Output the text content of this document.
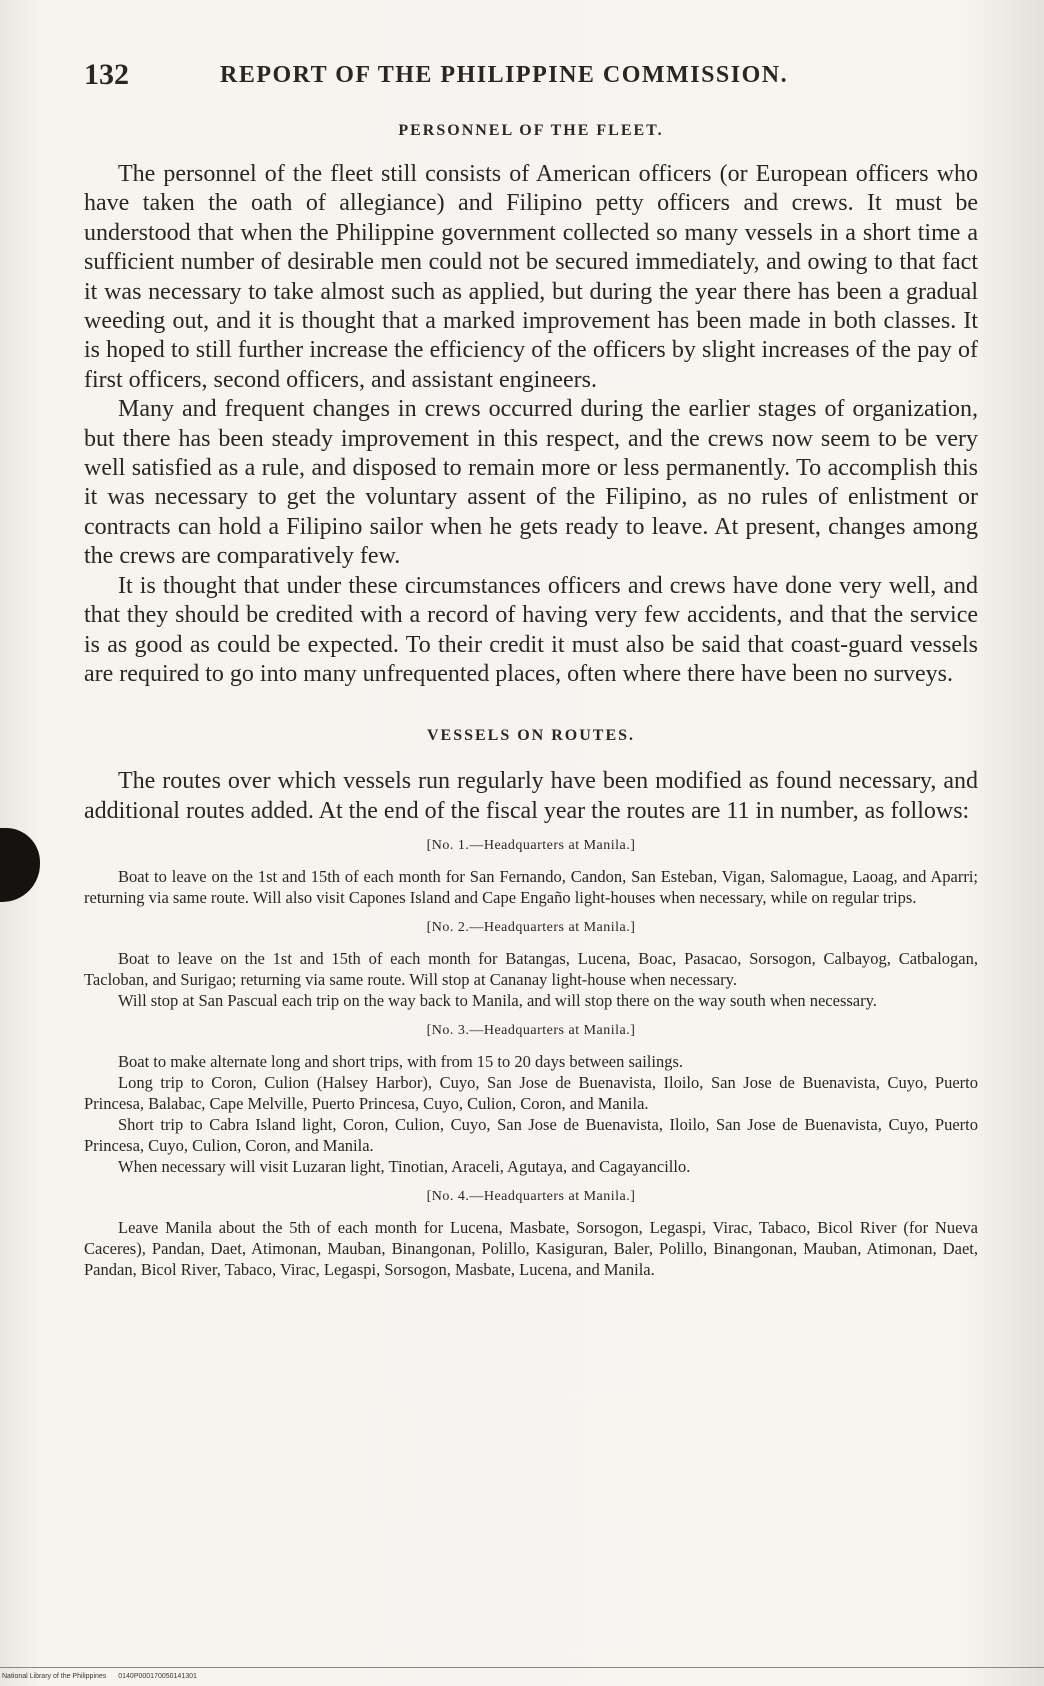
132	REPORT OF THE PHILIPPINE COMMISSION.
PERSONNEL OF THE FLEET.

The personnel of the fleet still consists of American officers (or European officers who have taken the oath of allegiance) and Filipino petty officers and crews. It must be understood that when the Philippine government collected so many vessels in a short time a sufficient number of desirable men could not be secured immediately, and owing to that fact it was necessary to take almost such as applied, but during the year there has been a gradual weeding out, and it is thought that a marked improvement has been made in both classes. It is hoped to still further increase the efficiency of the officers by slight increases of the pay of first officers, second officers, and assistant engineers.

Many and frequent changes in crews occurred during the earlier stages of organization, but there has been steady improvement in this respect, and the crews now seem to be very well satisfied as a rule, and disposed to remain more or less permanently. To accomplish this it was necessary to get the voluntary assent of the Filipino, as no rules of enlistment or contracts can hold a Filipino sailor when he gets ready to leave. At present, changes among the crews are comparatively few.

It is thought that under these circumstances officers and crews have done very well, and that they should be credited with a record of having very few accidents, and that the service is as good as could be expected. To their credit it must also be said that coast-guard vessels are required to go into many unfrequented places, often where there have been no surveys.

VESSELS ON ROUTES.

The routes over which vessels run regularly have been modified as found necessary, and additional routes added. At the end of the fiscal year the routes are 11 in number, as follows:

[No. 1.—Headquarters at Manila.]

Boat to leave on the 1st and 15th of each month for San Fernando, Candon, San Esteban, Vigan, Salomague, Laoag, and Aparri; returning via same route. Will also visit Capones Island and Cape Engaño light-houses when necessary, while on regular trips.

[No. 2.—Headquarters at Manila.]

Boat to leave on the 1st and 15th of each month for Batangas, Lucena, Boac, Pasacao, Sorsogon, Calbayog, Catbalogan, Tacloban, and Surigao; returning via same route. Will stop at Cananay light-house when necessary.

Will stop at San Pascual each trip on the way back to Manila, and will stop there on the way south when necessary.

[No. 3.—Headquarters at Manila.]

Boat to make alternate long and short trips, with from 15 to 20 days between sailings.

Long trip to Coron, Culion (Halsey Harbor), Cuyo, San Jose de Buenavista, Iloilo, San Jose de Buenavista, Cuyo, Puerto Princesa, Balabac, Cape Melville, Puerto Princesa, Cuyo, Culion, Coron, and Manila.

Short trip to Cabra Island light, Coron, Culion, Cuyo, San Jose de Buenavista, Iloilo, San Jose de Buenavista, Cuyo, Puerto Princesa, Cuyo, Culion, Coron, and Manila.

When necessary will visit Luzaran light, Tinotian, Araceli, Agutaya, and Cagayancillo.

[No. 4.—Headquarters at Manila.]

Leave Manila about the 5th of each month for Lucena, Masbate, Sorsogon, Legaspi, Virac, Tabaco, Bicol River (for Nueva Caceres), Pandan, Daet, Atimonan, Mauban, Binangonan, Polillo, Kasiguran, Baler, Polillo, Binangonan, Mauban, Atimonan, Daet, Pandan, Bicol River, Tabaco, Virac, Legaspi, Sorsogon, Masbate, Lucena, and Manila.

National Library of the Philippines 0140P000170050141301
